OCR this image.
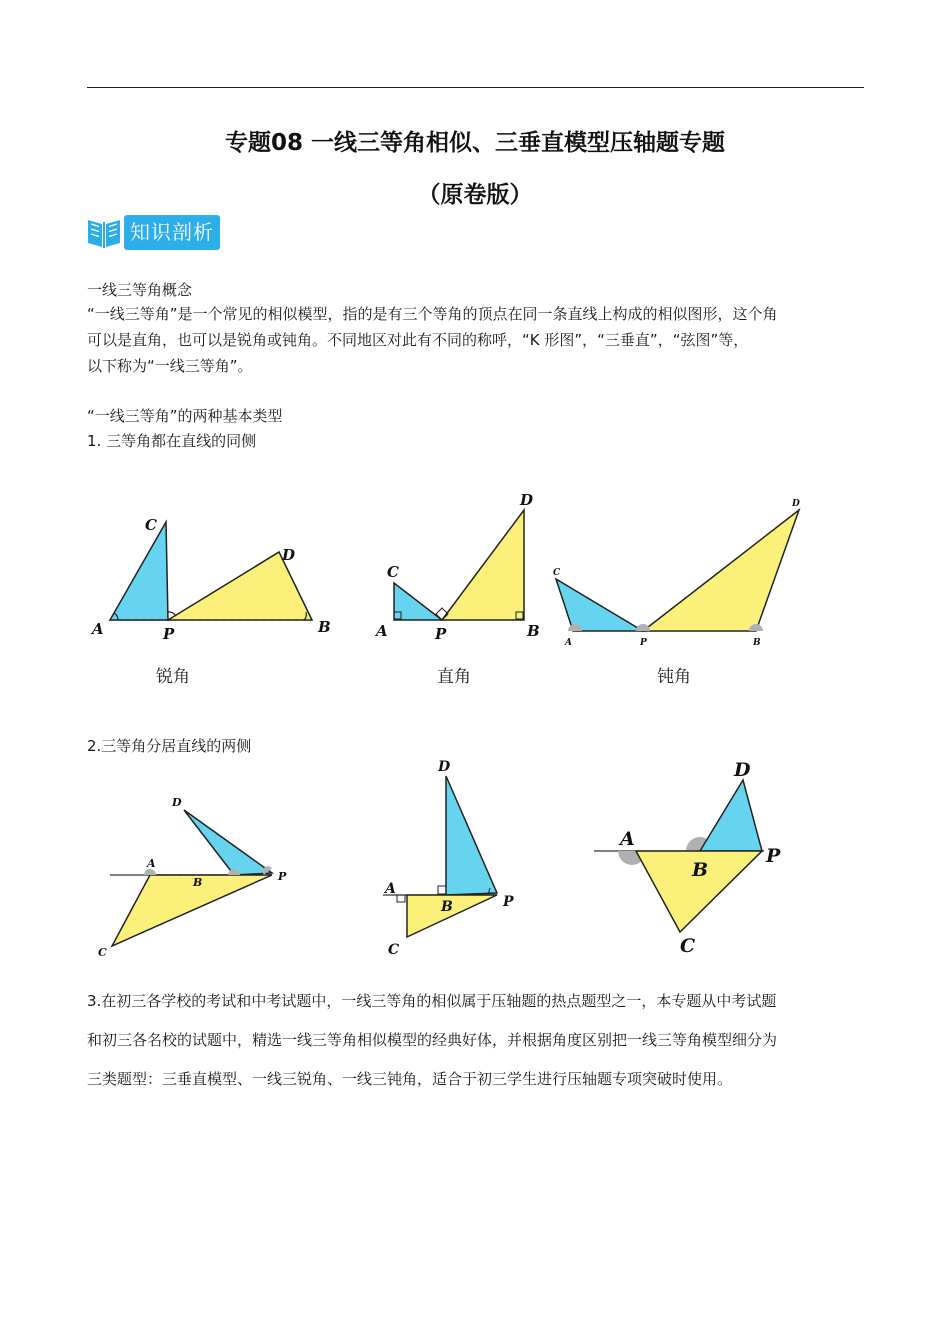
专题08 一线三等角相似、三垂直模型压轴题专题
（原卷版）
知识剖析
一线三等角概念
“一线三等角”是一个常见的相似模型，指的是有三个等角的顶点在同一条直线上构成的相似图形，这个角
可以是直角，也可以是锐角或钝角。不同地区对此有不同的称呼，“K 形图”，“三垂直”，“弦图”等，
以下称为“一线三等角”。
“一线三等角”的两种基本类型
1. 三等角都在直线的同侧
锐角	直角	钝角
2.三等角分居直线的两侧
3.在初三各学校的考试和中考试题中，一线三等角的相似属于压轴题的热点题型之一，本专题从中考试题
和初三各名校的试题中，精选一线三等角相似模型的经典好体，并根据角度区别把一线三等角模型细分为
三类题型：三垂直模型、一线三锐角、一线三钝角，适合于初三学生进行压轴题专项突破时使用。
A
C
P
D
B	A
C
P
D
B
A
C
P
D
B
A
B
C
D
P
A
B
C
D
P
A
B
C
D
P
